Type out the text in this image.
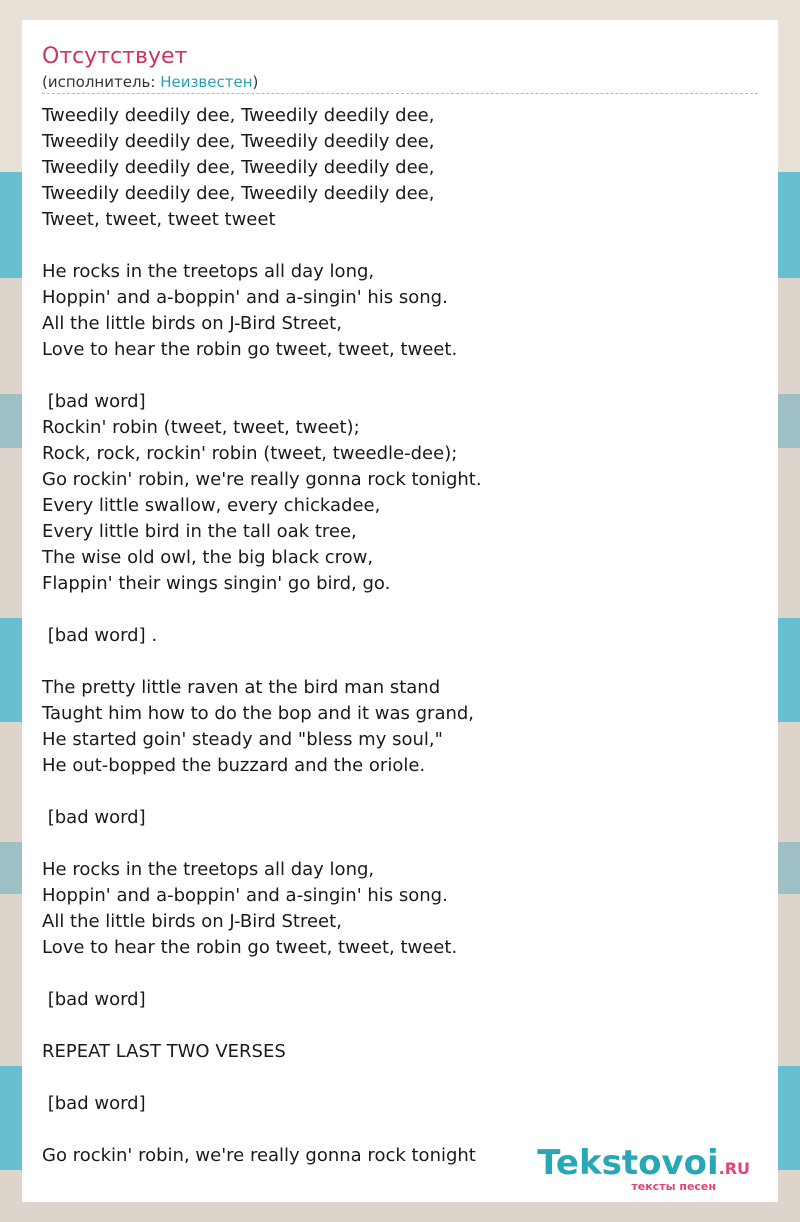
Отсутствует
(исполнитель: Неизвестен)
Tweedily deedily dee, Tweedily deedily dee,
Tweedily deedily dee, Tweedily deedily dee,
Tweedily deedily dee, Tweedily deedily dee,
Tweedily deedily dee, Tweedily deedily dee,
Tweet, tweet, tweet tweet
He rocks in the treetops all day long,
Hoppin' and a-boppin' and a-singin' his song.
All the little birds on J-Bird Street,
Love to hear the robin go tweet, tweet, tweet.
[bad word]
Rockin' robin (tweet, tweet, tweet);
Rock, rock, rockin' robin (tweet, tweedle-dee);
Go rockin' robin, we're really gonna rock tonight.
Every little swallow, every chickadee,
Every little bird in the tall oak tree,
The wise old owl, the big black crow,
Flappin' their wings singin' go bird, go.
[bad word] .
The pretty little raven at the bird man stand
Taught him how to do the bop and it was grand,
He started goin' steady and "bless my soul,"
He out-bopped the buzzard and the oriole.
[bad word]
He rocks in the treetops all day long,
Hoppin' and a-boppin' and a-singin' his song.
All the little birds on J-Bird Street,
Love to hear the robin go tweet, tweet, tweet.
[bad word]
REPEAT LAST TWO VERSES
[bad word]
Go rockin' robin, we're really gonna rock tonight	Tekstovoi.RU
тексты песен
